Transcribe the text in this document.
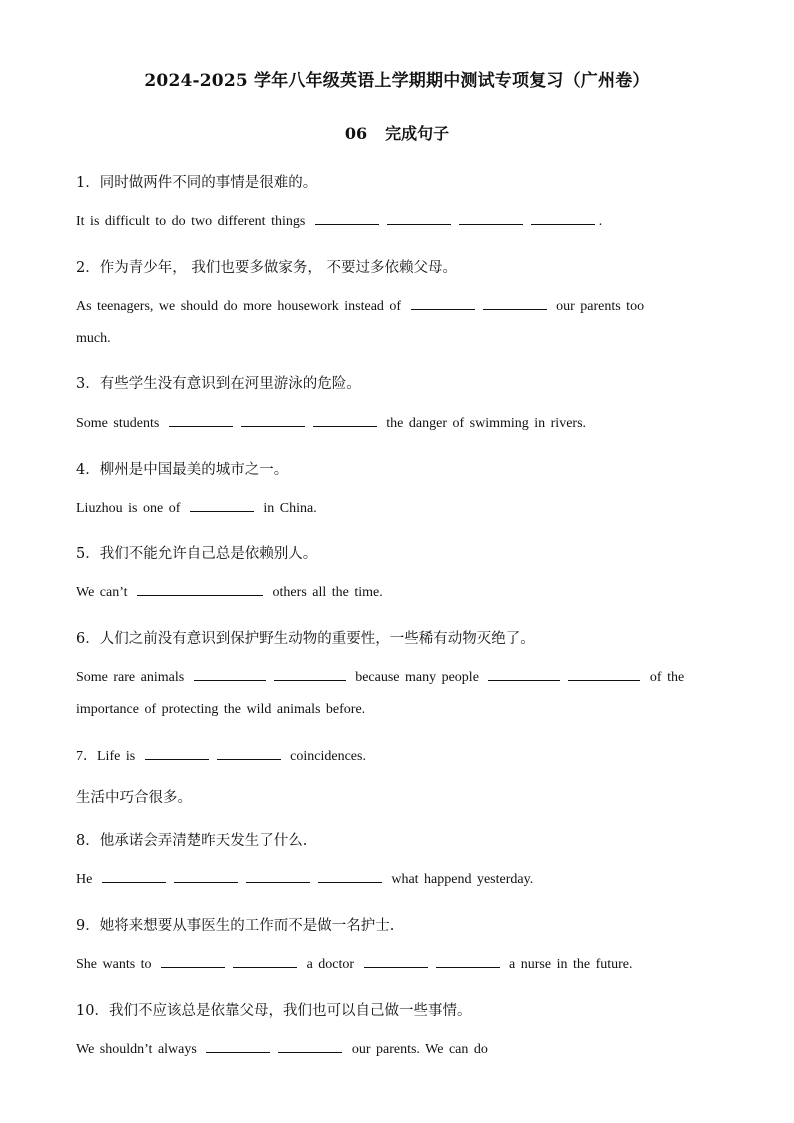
2024-2025 学年八年级英语上学期期中测试专项复习（广州卷）
06 完成句子
1．同时做两件不同的事情是很难的。
It is difficult to do two different things	.
2．作为青少年， 我们也要多做家务， 不要过多依赖父母。
As teenagers, we should do more housework instead of	our parents too
much.
3．有些学生没有意识到在河里游泳的危险。
Some students	the danger of swimming in rivers.
4．柳州是中国最美的城市之一。
Liuzhou is one of	in China.
5．我们不能允许自己总是依赖别人。
We can’t	others all the time.
6．人们之前没有意识到保护野生动物的重要性，一些稀有动物灭绝了。
Some rare animals	because many people	of the
importance of protecting the wild animals before.
7．Life is	coincidences.
生活中巧合很多。
8．他承诺会弄清楚昨天发生了什么.
He	what happend yesterday.
9．她将来想要从事医生的工作而不是做一名护士.
She wants to	a doctor	a nurse in the future.
10．我们不应该总是依靠父母，我们也可以自己做一些事情。
We shouldn’t always	our parents. We can do
